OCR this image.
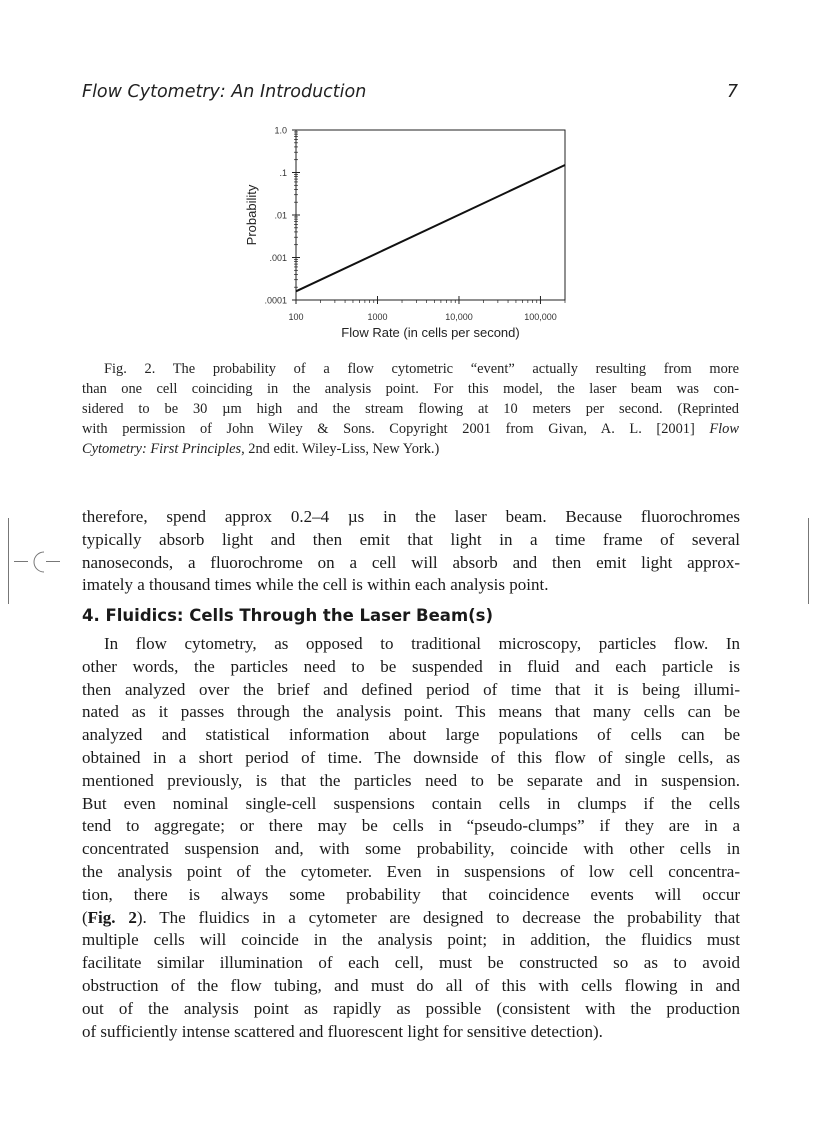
Flow Cytometry: An Introduction	7
1.0
.1
.01
.001
.0001
100	1000	10,000	100,000
Flow Rate (in cells per second)
Probability
Fig. 2. The probability of a flow cytometric “event” actually resulting from more
than one cell coinciding in the analysis point. For this model, the laser beam was con-
sidered to be 30 µm high and the stream flowing at 10 meters per second. (Reprinted
with permission of John Wiley & Sons. Copyright 2001 from Givan, A. L. [2001] Flow
Cytometry: First Principles, 2nd edit. Wiley-Liss, New York.)
therefore, spend approx 0.2–4 µs in the laser beam. Because fluorochromes
typically absorb light and then emit that light in a time frame of several
nanoseconds, a fluorochrome on a cell will absorb and then emit light approx-
imately a thousand times while the cell is within each analysis point.
4. Fluidics: Cells Through the Laser Beam(s)
In flow cytometry, as opposed to traditional microscopy, particles flow. In
other words, the particles need to be suspended in fluid and each particle is
then analyzed over the brief and defined period of time that it is being illumi-
nated as it passes through the analysis point. This means that many cells can be
analyzed and statistical information about large populations of cells can be
obtained in a short period of time. The downside of this flow of single cells, as
mentioned previously, is that the particles need to be separate and in suspension.
But even nominal single-cell suspensions contain cells in clumps if the cells
tend to aggregate; or there may be cells in “pseudo-clumps” if they are in a
concentrated suspension and, with some probability, coincide with other cells in
the analysis point of the cytometer. Even in suspensions of low cell concentra-
tion, there is always some probability that coincidence events will occur
(Fig. 2). The fluidics in a cytometer are designed to decrease the probability that
multiple cells will coincide in the analysis point; in addition, the fluidics must
facilitate similar illumination of each cell, must be constructed so as to avoid
obstruction of the flow tubing, and must do all of this with cells flowing in and
out of the analysis point as rapidly as possible (consistent with the production
of sufficiently intense scattered and fluorescent light for sensitive detection).
